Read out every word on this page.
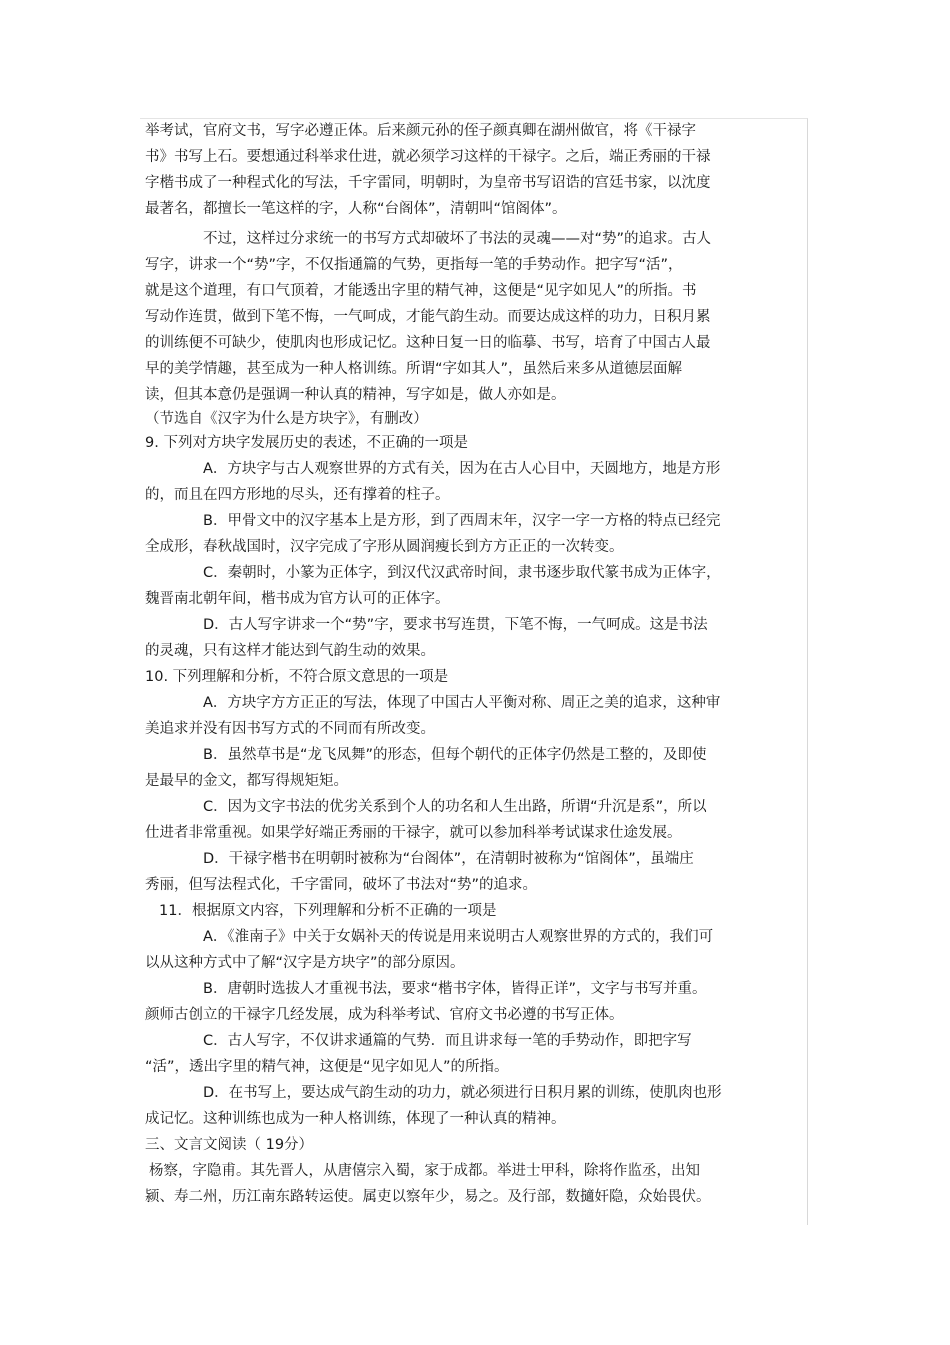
举考试，官府文书，写字必遵正体。后来颜元孙的侄子颜真卿在湖州做官，将《干禄字
书》书写上石。要想通过科举求仕进，就必须学习这样的干禄字。之后，端正秀丽的干禄
字楷书成了一种程式化的写法，千字雷同，明朝时，为皇帝书写诏诰的宫廷书家，以沈度
最著名，都擅长一笔这样的字，人称“台阁体”，清朝叫“馆阁体”。
不过，这样过分求统一的书写方式却破坏了书法的灵魂——对“势”的追求。古人
写字，讲求一个“势”字，不仅指通篇的气势，更指每一笔的手势动作。把字写“活”，
就是这个道理，有口气顶着，才能透出字里的精气神，这便是“见字如见人”的所指。书
写动作连贯，做到下笔不悔，一气呵成，才能气韵生动。而要达成这样的功力，日积月累
的训练便不可缺少，使肌肉也形成记忆。这种日复一日的临摹、书写，培育了中国古人最
早的美学情趣，甚至成为一种人格训练。所谓“字如其人”，虽然后来多从道德层面解
读，但其本意仍是强调一种认真的精神，写字如是，做人亦如是。
（节选自《汉字为什么是方块字》，有删改）
9. 下列对方块字发展历史的表述，不正确的一项是
A．方块字与古人观察世界的方式有关，因为在古人心目中，天圆地方，地是方形
的，而且在四方形地的尽头，还有撑着的柱子。
B．甲骨文中的汉字基本上是方形，到了西周末年，汉字一字一方格的特点已经完
全成形，春秋战国时，汉字完成了字形从圆润瘦长到方方正正的一次转变。
C．秦朝时，小篆为正体字，到汉代汉武帝时间，隶书逐步取代篆书成为正体字，
魏晋南北朝年间，楷书成为官方认可的正体字。
D．古人写字讲求一个“势”字，要求书写连贯，下笔不悔，一气呵成。这是书法
的灵魂，只有这样才能达到气韵生动的效果。
10. 下列理解和分析，不符合原文意思的一项是
A．方块字方方正正的写法，体现了中国古人平衡对称、周正之美的追求，这种审
美追求并没有因书写方式的不同而有所改变。
B．虽然草书是“龙飞凤舞”的形态，但每个朝代的正体字仍然是工整的，及即使
是最早的金文，都写得规矩矩。
C．因为文字书法的优劣关系到个人的功名和人生出路，所谓“升沉是系”，所以
仕进者非常重视。如果学好端正秀丽的干禄字，就可以参加科举考试谋求仕途发展。
D．干禄字楷书在明朝时被称为“台阁体”，在清朝时被称为“馆阁体”，虽端庄
秀丽，但写法程式化，千字雷同，破坏了书法对“势”的追求。
11．根据原文内容，下列理解和分析不正确的一项是
A．《淮南子》中关于女娲补天的传说是用来说明古人观察世界的方式的，我们可
以从这种方式中了解“汉字是方块字”的部分原因。
B．唐朝时选拔人才重视书法，要求“楷书字体，皆得正详”，文字与书写并重。
颜师古创立的干禄字几经发展，成为科举考试、官府文书必遵的书写正体。
C．古人写字，不仅讲求通篇的气势．而且讲求每一笔的手势动作，即把字写
“活”，透出字里的精气神，这便是“见字如见人”的所指。
D．在书写上，要达成气韵生动的功力，就必须进行日积月累的训练，使肌肉也形
成记忆。这种训练也成为一种人格训练，体现了一种认真的精神。
三、文言文阅读（ 19分）
杨察，字隐甫。其先晋人，从唐僖宗入蜀，家于成都。举进士甲科，除将作监丞，出知
颍、寿二州，历江南东路转运使。属吏以察年少，易之。及行部，数擿奸隐，众始畏伏。
